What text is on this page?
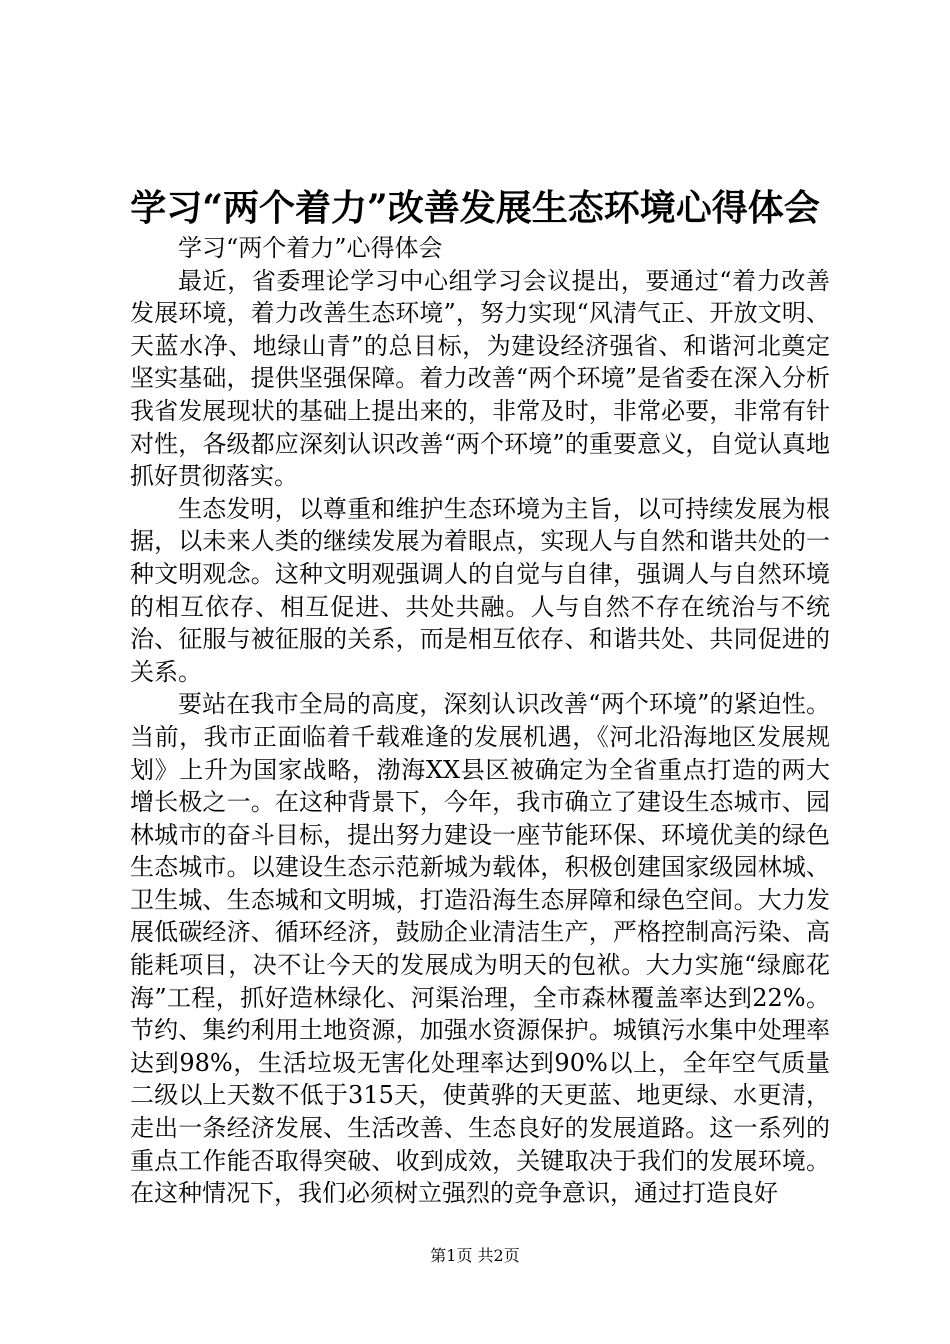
学习“两个着力”改善发展生态环境心得体会

学习“两个着力”心得体会

最近，省委理论学习中心组学习会议提出，要通过“着力改善发展环境，着力改善生态环境”，努力实现“风清气正、开放文明、天蓝水净、地绿山青”的总目标，为建设经济强省、和谐河北奠定坚实基础，提供坚强保障。着力改善“两个环境”是省委在深入分析我省发展现状的基础上提出来的，非常及时，非常必要，非常有针对性，各级都应深刻认识改善“两个环境”的重要意义，自觉认真地抓好贯彻落实。

生态发明，以尊重和维护生态环境为主旨，以可持续发展为根据，以未来人类的继续发展为着眼点，实现人与自然和谐共处的一种文明观念。这种文明观强调人的自觉与自律，强调人与自然环境的相互依存、相互促进、共处共融。人与自然不存在统治与不统治、征服与被征服的关系，而是相互依存、和谐共处、共同促进的关系。

要站在我市全局的高度，深刻认识改善“两个环境”的紧迫性。当前，我市正面临着千载难逢的发展机遇，《河北沿海地区发展规划》上升为国家战略，渤海XX县区被确定为全省重点打造的两大增长极之一。在这种背景下，今年，我市确立了建设生态城市、园林城市的奋斗目标，提出努力建设一座节能环保、环境优美的绿色生态城市。以建设生态示范新城为载体，积极创建国家级园林城、卫生城、生态城和文明城，打造沿海生态屏障和绿色空间。大力发展低碳经济、循环经济，鼓励企业清洁生产，严格控制高污染、高能耗项目，决不让今天的发展成为明天的包袱。大力实施“绿廊花海”工程，抓好造林绿化、河渠治理，全市森林覆盖率达到22%。节约、集约利用土地资源，加强水资源保护。城镇污水集中处理率达到98%，生活垃圾无害化处理率达到90%以上，全年空气质量二级以上天数不低于315天，使黄骅的天更蓝、地更绿、水更清，走出一条经济发展、生活改善、生态良好的发展道路。这一系列的重点工作能否取得突破、收到成效，关键取决于我们的发展环境。在这种情况下，我们必须树立强烈的竞争意识，通过打造良好

第1页 共2页
